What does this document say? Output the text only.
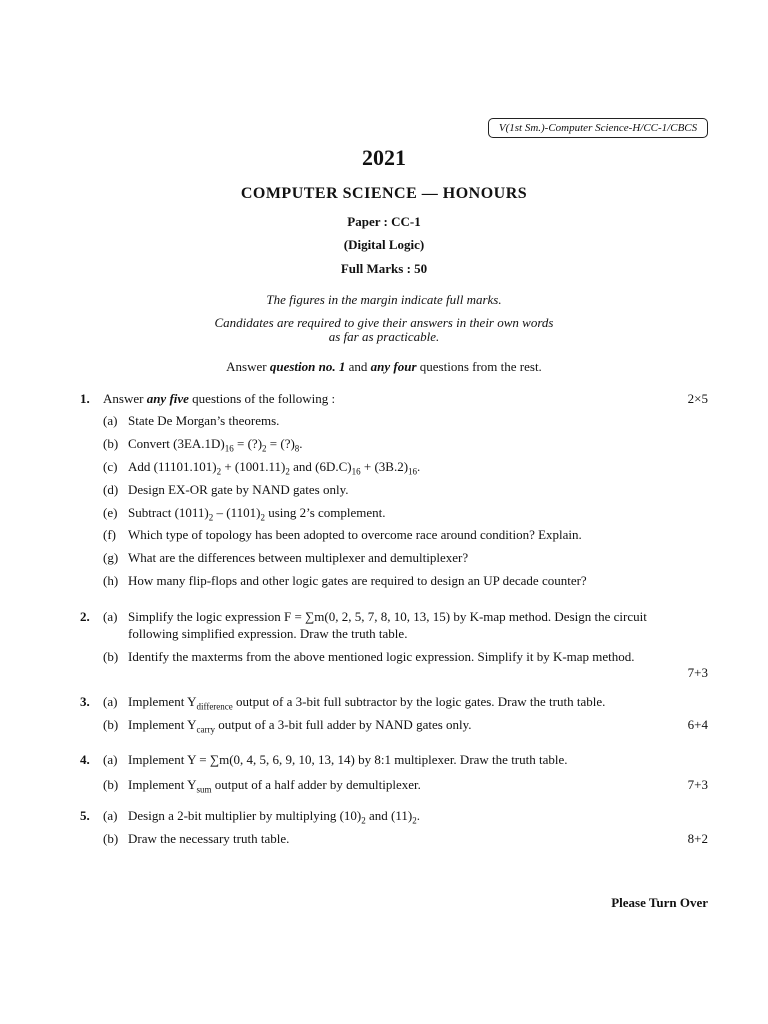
V(1st Sm.)-Computer Science-H/CC-1/CBCS
2021
COMPUTER SCIENCE — HONOURS
Paper : CC-1
(Digital Logic)
Full Marks : 50
The figures in the margin indicate full marks.
Candidates are required to give their answers in their own words
as far as practicable.
Answer question no. 1 and any four questions from the rest.
1. Answer any five questions of the following :	2×5
(a) State De Morgan’s theorems.
(b) Convert $(3EA.1D)_{16}$ = $(?)_2$ = $(?)_8$.
(c) Add $(11101.101)_2 + (1001.11)_2$ and $(6D.C)_{16} + (3B.2)_{16}$.
(d) Design EX-OR gate by NAND gates only.
(e) Subtract $(1011)_2 - (1101)_2$ using 2’s complement.
(f) Which type of topology has been adopted to overcome race around condition? Explain.
(g) What are the differences between multiplexer and demultiplexer?
(h) How many flip-flops and other logic gates are required to design an UP decade counter?
2. (a) Simplify the logic expression F = ∑m(0, 2, 5, 7, 8, 10, 13, 15) by K-map method. Design the circuit
following simplified expression. Draw the truth table.
(b) Identify the maxterms from the above mentioned logic expression. Simplify it by K-map method.
7+3
3. (a) Implement $Y_{difference}$ output of a 3-bit full subtractor by the logic gates. Draw the truth table.
(b) Implement $Y_{carry}$ output of a 3-bit full adder by NAND gates only.	6+4
4. (a) Implement Y = ∑m(0, 4, 5, 6, 9, 10, 13, 14) by 8:1 multiplexer. Draw the truth table.
(b) Implement $Y_{sum}$ output of a half adder by demultiplexer.	7+3
5. (a) Design a 2-bit multiplier by multiplying $(10)_2$ and $(11)_2$.
(b) Draw the necessary truth table.	8+2
Please Turn Over
